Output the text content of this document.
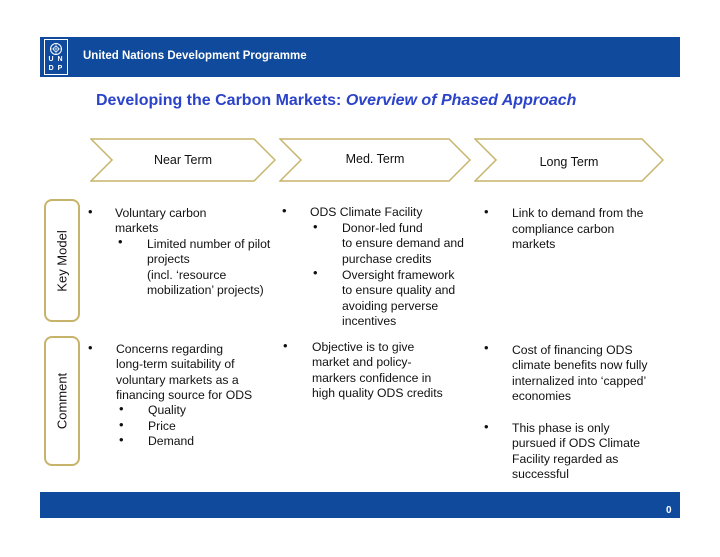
U N
D P
United Nations Development Programme
Developing the Carbon Markets: Overview of Phased Approach
Near Term	Med. Term	Long Term
Key Model
Comment
• Voluntary carbon
markets
• Limited number of pilot
projects
(incl. ‘resource
mobilization’ projects)
• ODS Climate Facility
• Donor-led fund
to ensure demand and
purchase credits
• Oversight framework
to ensure quality and
avoiding perverse
incentives
• Link to demand from the
compliance carbon
markets
• Concerns regarding
long-term suitability of
voluntary markets as a
financing source for ODS
• Quality
• Price
• Demand
• Objective is to give
market and policy-
markers confidence in
high quality ODS credits
• Cost of financing ODS
climate benefits now fully
internalized into ‘capped’
economies
• This phase is only
pursued if ODS Climate
Facility regarded as
successful
0
